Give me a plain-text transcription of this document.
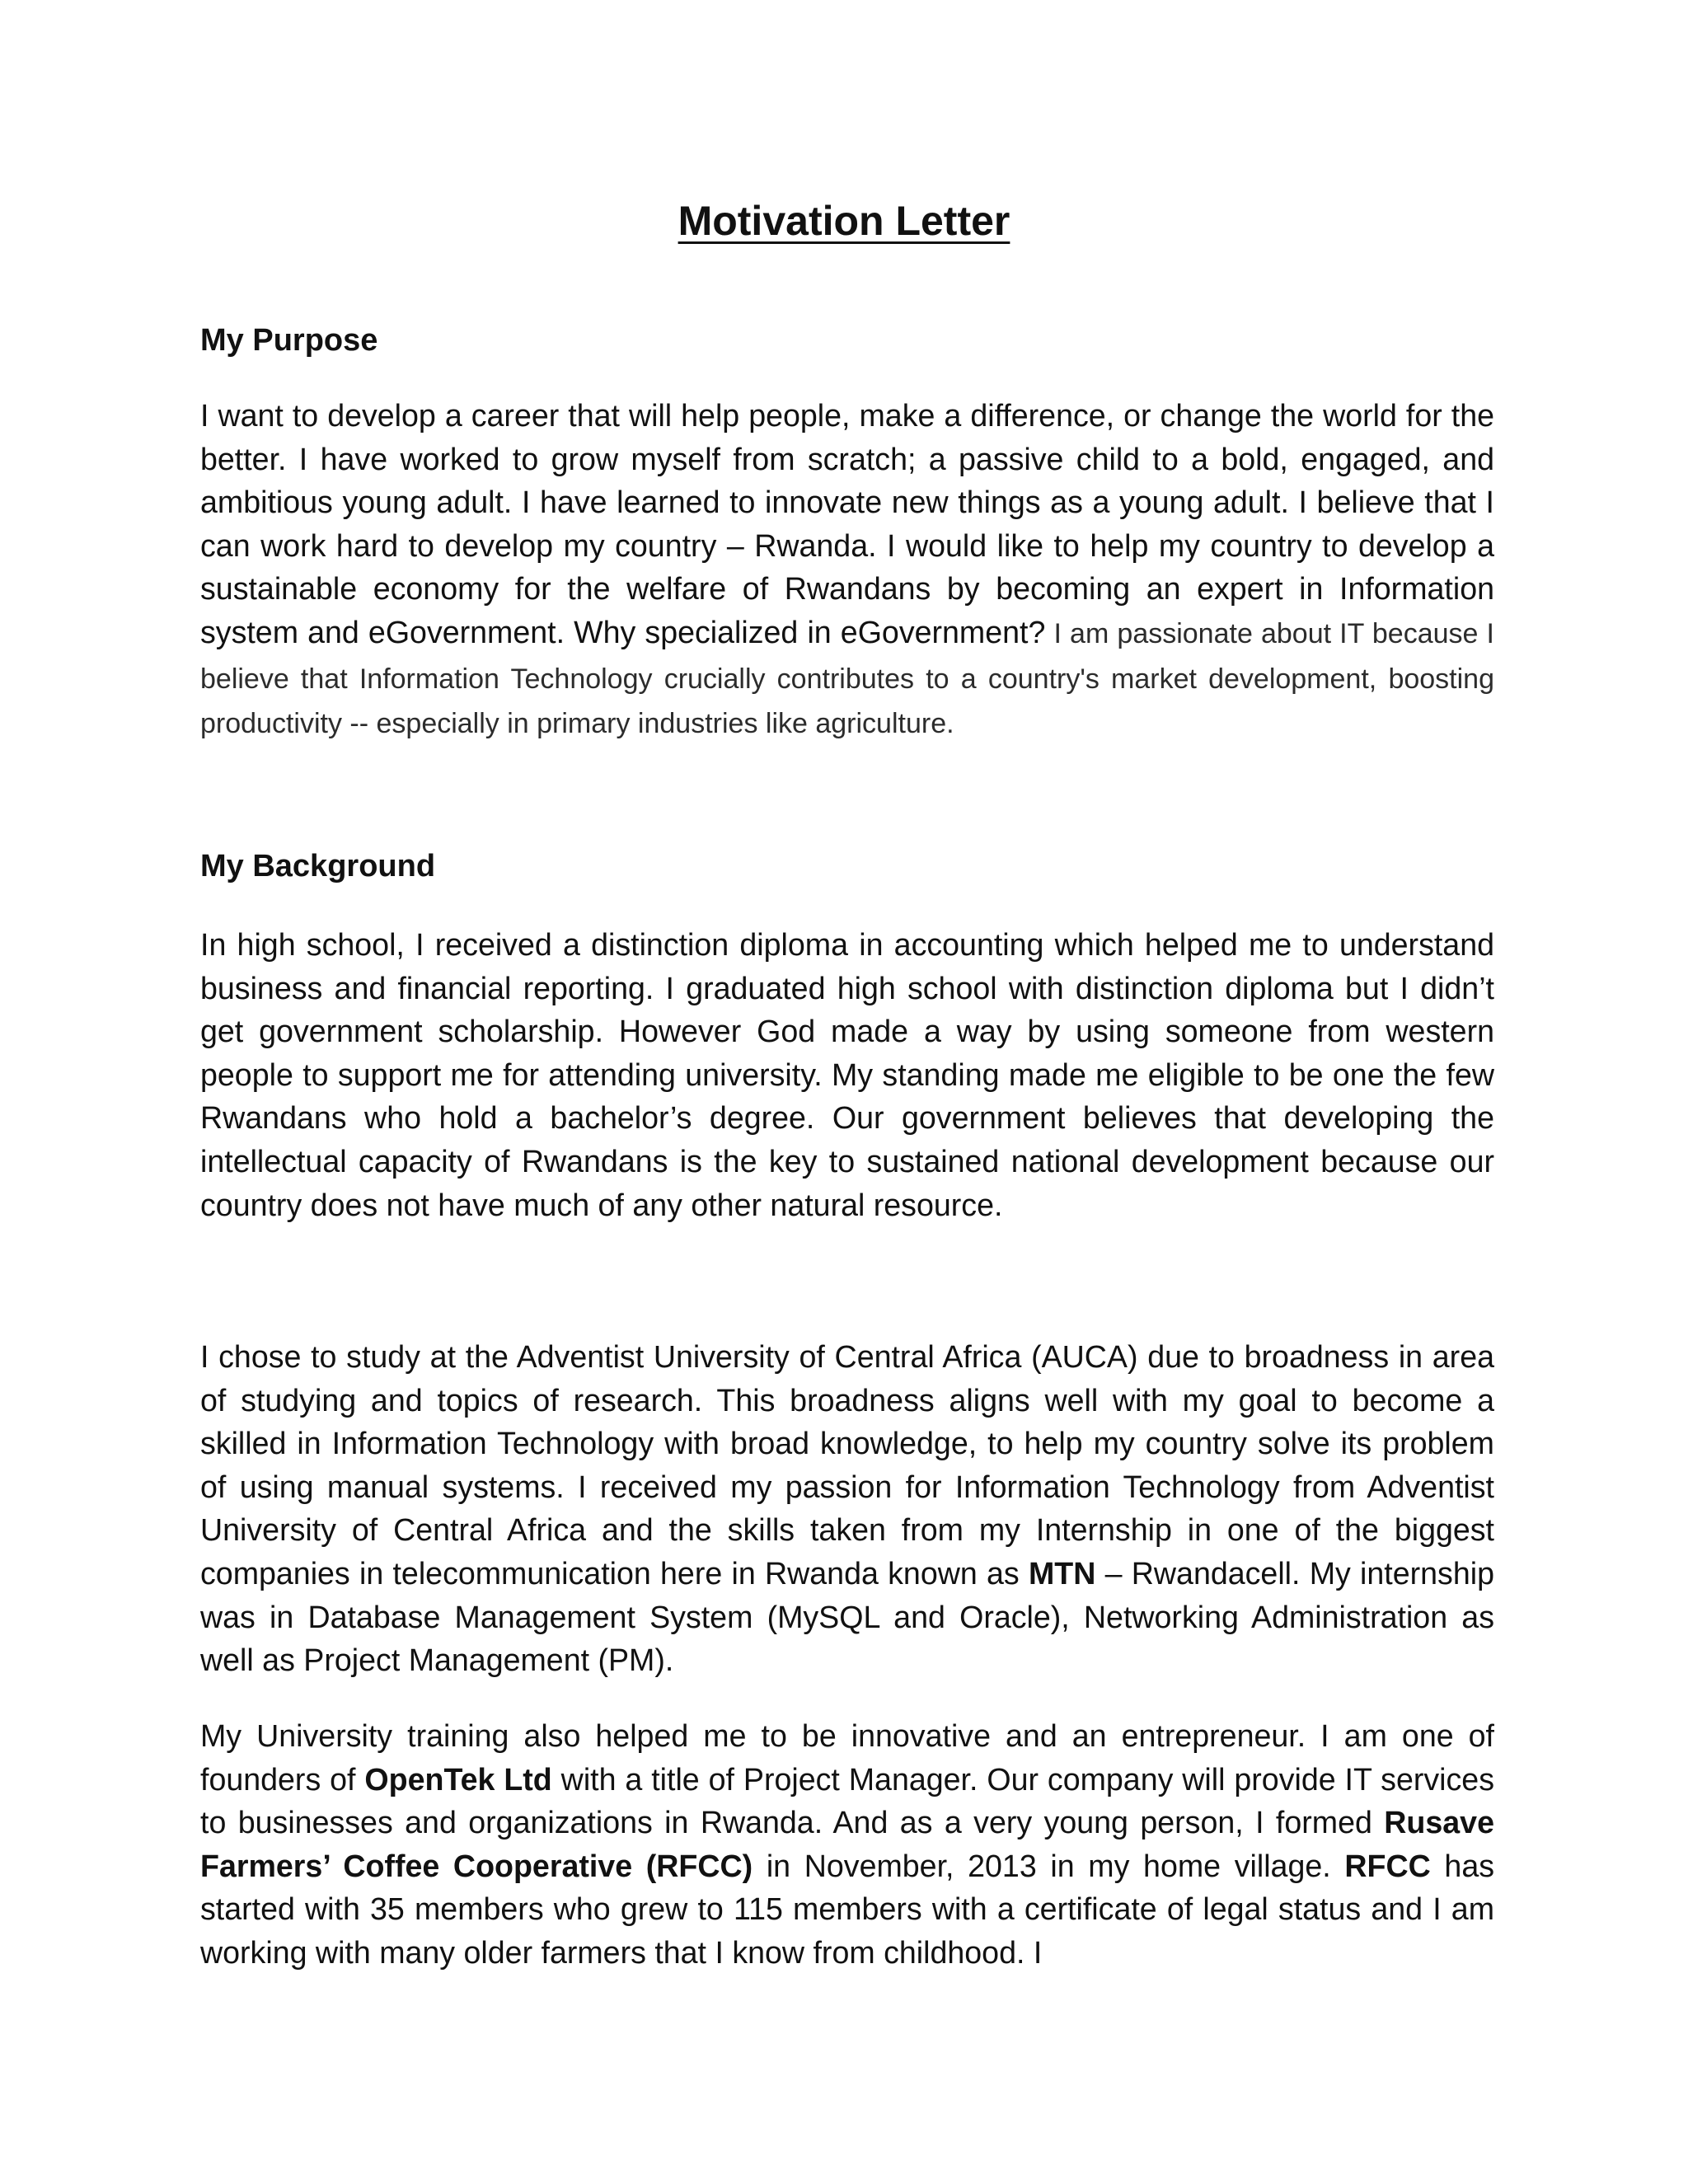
Motivation Letter
My Purpose

I want to develop a career that will help people, make a difference, or change the world for the better. I have worked to grow myself from scratch; a passive child to a bold, engaged, and ambitious young adult. I have learned to innovate new things as a young adult. I believe that I can work hard to develop my country – Rwanda. I would like to help my country to develop a sustainable economy for the welfare of Rwandans by becoming an expert in Information system and eGovernment. Why specialized in eGovernment? I am passionate about IT because I believe that Information Technology crucially contributes to a country's market development, boosting productivity -- especially in primary industries like agriculture.

My Background

In high school, I received a distinction diploma in accounting which helped me to understand business and financial reporting. I graduated high school with distinction diploma but I didn’t get government scholarship. However God made a way by using someone from western people to support me for attending university. My standing made me eligible to be one the few Rwandans who hold a bachelor’s degree. Our government believes that developing the intellectual capacity of Rwandans is the key to sustained national development because our country does not have much of any other natural resource.

I chose to study at the Adventist University of Central Africa (AUCA) due to broadness in area of studying and topics of research. This broadness aligns well with my goal to become a skilled in Information Technology with broad knowledge, to help my country solve its problem of using manual systems. I received my passion for Information Technology from Adventist University of Central Africa and the skills taken from my Internship in one of the biggest companies in telecommunication here in Rwanda known as MTN – Rwandacell. My internship was in Database Management System (MySQL and Oracle), Networking Administration as well as Project Management (PM).

My University training also helped me to be innovative and an entrepreneur. I am one of founders of OpenTek Ltd with a title of Project Manager. Our company will provide IT services to businesses and organizations in Rwanda. And as a very young person, I formed Rusave Farmers’ Coffee Cooperative (RFCC) in November, 2013 in my home village. RFCC has started with 35 members who grew to 115 members with a certificate of legal status and I am working with many older farmers that I know from childhood. I
